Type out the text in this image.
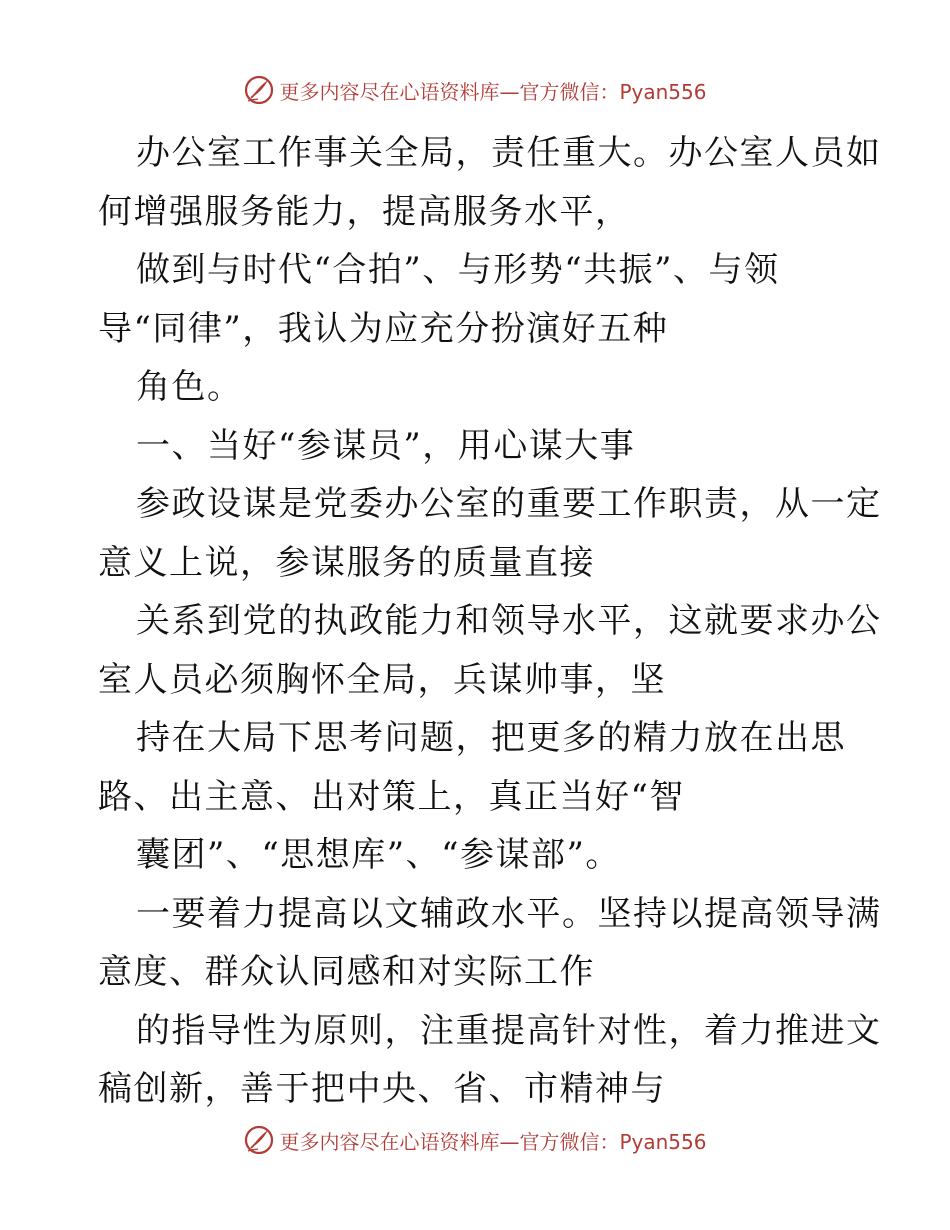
更多内容尽在心语资料库—官方微信：Pyan556
办公室工作事关全局，责任重大。办公室人员如
何增强服务能力，提高服务水平，
做到与时代“合拍”、与形势“共振”、与领
导“同律”，我认为应充分扮演好五种
角色。
一、当好“参谋员”，用心谋大事
参政设谋是党委办公室的重要工作职责，从一定
意义上说，参谋服务的质量直接
关系到党的执政能力和领导水平，这就要求办公
室人员必须胸怀全局，兵谋帅事，坚
持在大局下思考问题，把更多的精力放在出思
路、出主意、出对策上，真正当好“智
囊团”、“思想库”、“参谋部”。
一要着力提高以文辅政水平。坚持以提高领导满
意度、群众认同感和对实际工作
的指导性为原则，注重提高针对性，着力推进文
稿创新，善于把中央、省、市精神与
更多内容尽在心语资料库—官方微信：Pyan556
